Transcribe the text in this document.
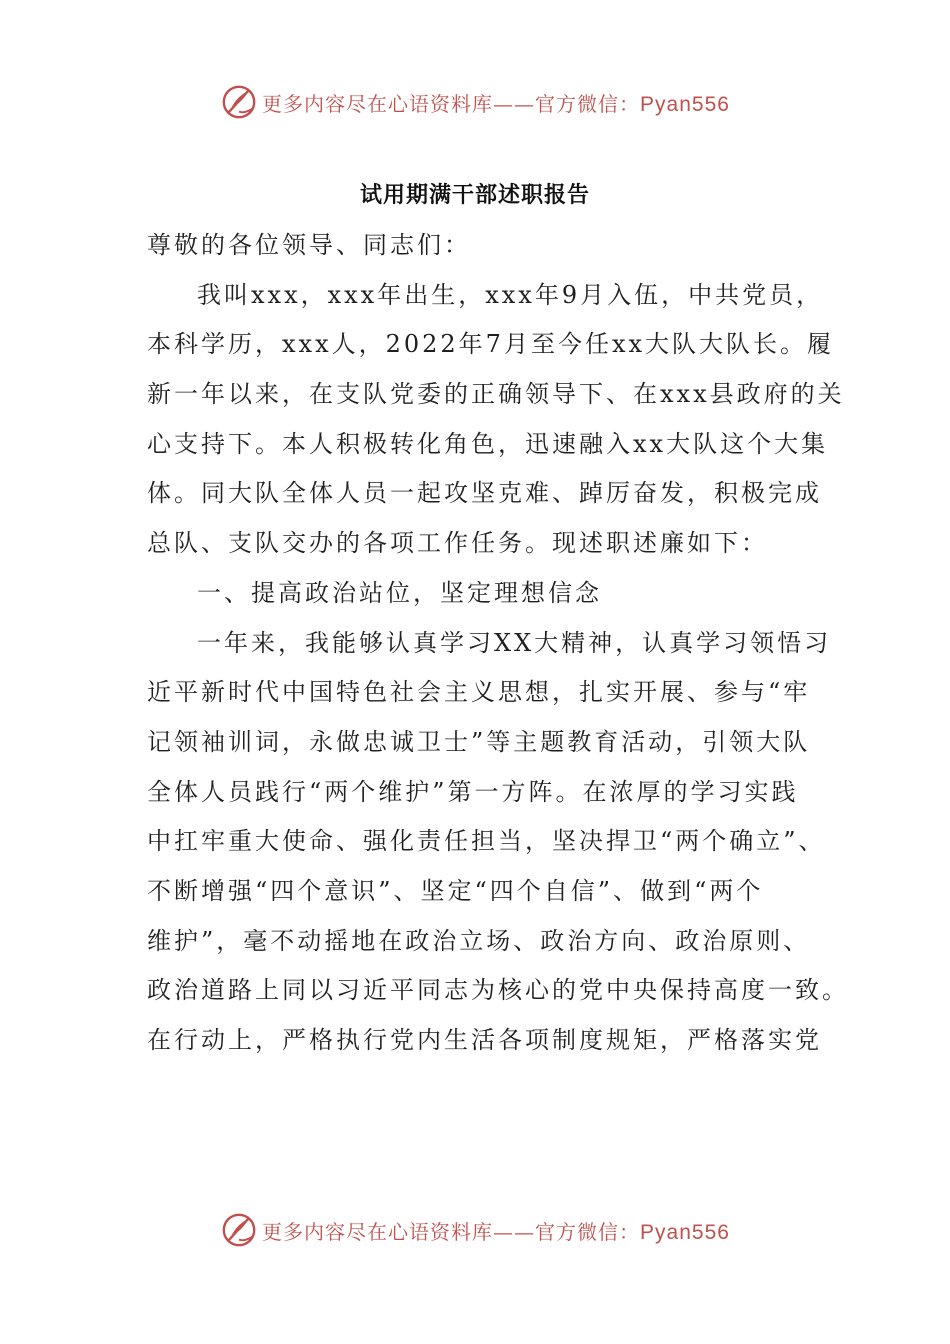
更多内容尽在心语资料库——官方微信：Pyan556
试用期满干部述职报告
尊敬的各位领导、同志们：
我叫xxx，xxx年出生，xxx年9月入伍，中共党员，
本科学历，xxx人，2022年7月至今任xx大队大队长。履
新一年以来，在支队党委的正确领导下、在xxx县政府的关
心支持下。本人积极转化角色，迅速融入xx大队这个大集
体。同大队全体人员一起攻坚克难、踔厉奋发，积极完成
总队、支队交办的各项工作任务。现述职述廉如下：
一、提高政治站位，坚定理想信念
一年来，我能够认真学习XX大精神，认真学习领悟习
近平新时代中国特色社会主义思想，扎实开展、参与“牢
记领袖训词，永做忠诚卫士”等主题教育活动，引领大队
全体人员践行“两个维护”第一方阵。在浓厚的学习实践
中扛牢重大使命、强化责任担当，坚决捍卫“两个确立”、
不断增强“四个意识”、坚定“四个自信”、做到“两个
维护”，毫不动摇地在政治立场、政治方向、政治原则、
政治道路上同以习近平同志为核心的党中央保持高度一致。
在行动上，严格执行党内生活各项制度规矩，严格落实党
更多内容尽在心语资料库——官方微信：Pyan556
